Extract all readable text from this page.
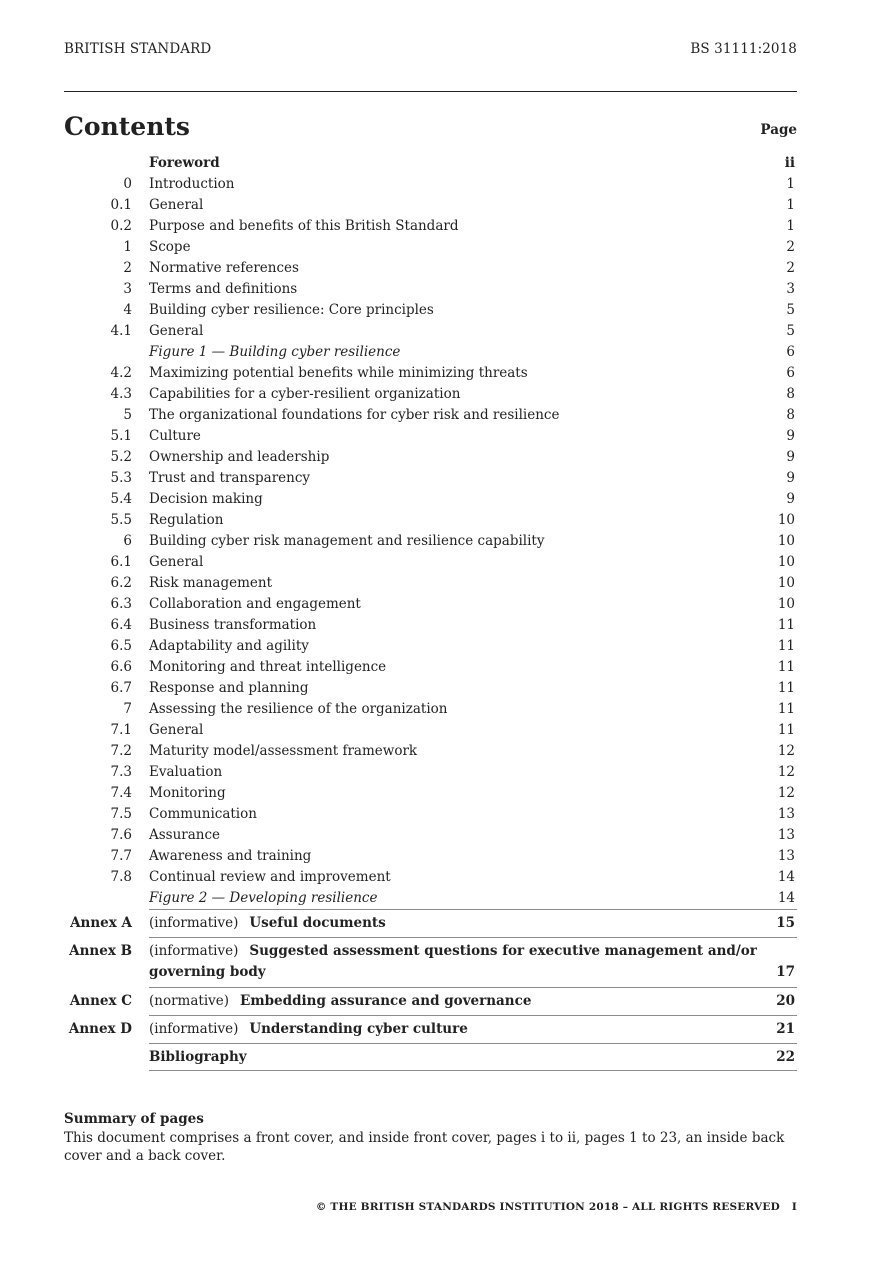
BRITISH STANDARD	BS 31111:2018
Contents	Page
Foreword	ii
0 Introduction	1
0.1 General	1
0.2 Purpose and benefits of this British Standard	1
1 Scope	2
2 Normative references	2
3 Terms and definitions	3
4 Building cyber resilience: Core principles	5
4.1 General	5
Figure 1 — Building cyber resilience	6
4.2 Maximizing potential benefits while minimizing threats	6
4.3 Capabilities for a cyber-resilient organization	8
5 The organizational foundations for cyber risk and resilience	8
5.1 Culture	9
5.2 Ownership and leadership	9
5.3 Trust and transparency	9
5.4 Decision making	9
5.5 Regulation	10
6 Building cyber risk management and resilience capability	10
6.1 General	10
6.2 Risk management	10
6.3 Collaboration and engagement	10
6.4 Business transformation	11
6.5 Adaptability and agility	11
6.6 Monitoring and threat intelligence	11
6.7 Response and planning	11
7 Assessing the resilience of the organization	11
7.1 General	11
7.2 Maturity model/assessment framework	12
7.3 Evaluation	12
7.4 Monitoring	12
7.5 Communication	13
7.6 Assurance	13
7.7 Awareness and training	13
7.8 Continual review and improvement	14
Figure 2 — Developing resilience	14
Annex A (informative) Useful documents	15
Annex B (informative) Suggested assessment questions for executive management and/or
governing body	17
Annex C (normative) Embedding assurance and governance	20
Annex D (informative) Understanding cyber culture	21
Bibliography	22
Summary of pages
This document comprises a front cover, and inside front cover, pages i to ii, pages 1 to 23, an inside back cover and a back cover.
© THE BRITISH STANDARDS INSTITUTION 2018 – ALL RIGHTS RESERVED I
